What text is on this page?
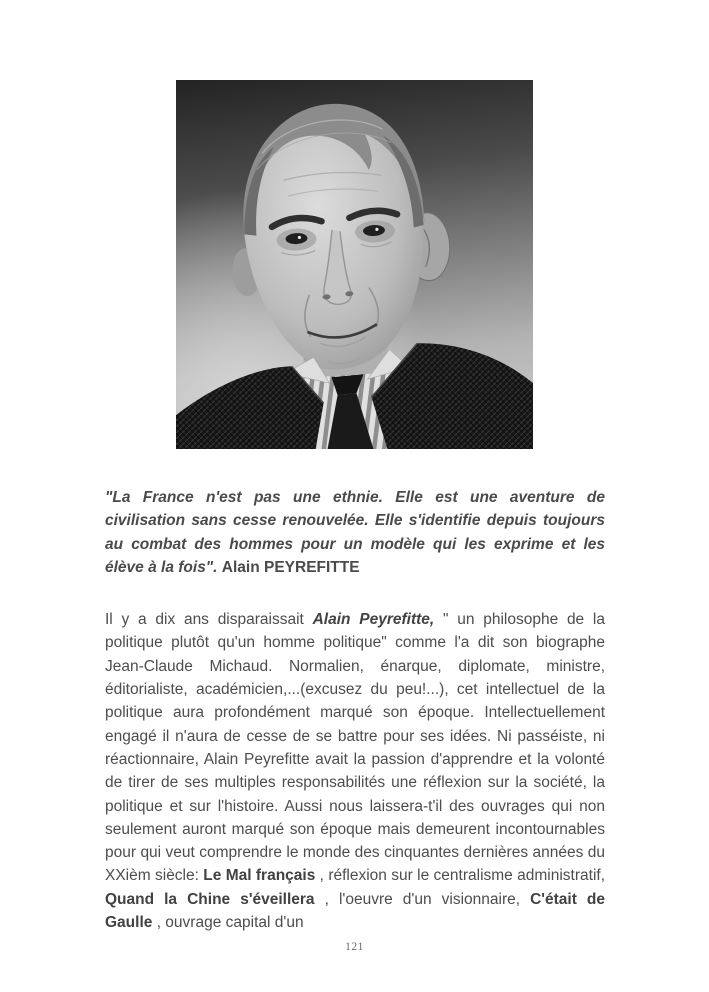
"La France n'est pas une ethnie. Elle est une aventure de civilisation sans cesse renouvelée. Elle s'identifie depuis toujours au combat des hommes pour un modèle qui les exprime et les élève à la fois". Alain PEYREFITTE

Il y a dix ans disparaissait Alain Peyrefitte, " un philosophe de la politique plutôt qu'un homme politique" comme l'a dit son biographe Jean-Claude Michaud. Normalien, énarque, diplomate, ministre, éditorialiste, académicien,...(excusez du peu!...), cet intellectuel de la politique aura profondément marqué son époque. Intellectuellement engagé il n'aura de cesse de se battre pour ses idées. Ni passéiste, ni réactionnaire, Alain Peyrefitte avait la passion d'apprendre et la volonté de tirer de ses multiples responsabilités une réflexion sur la société, la politique et sur l'histoire. Aussi nous laissera-t'il des ouvrages qui non seulement auront marqué son époque mais demeurent incontournables pour qui veut comprendre le monde des cinquantes dernières années du XXièm siècle: Le Mal français , réflexion sur le centralisme administratif, Quand la Chine s'éveillera , l'oeuvre d'un visionnaire, C'était de Gaulle , ouvrage capital d'un

121
